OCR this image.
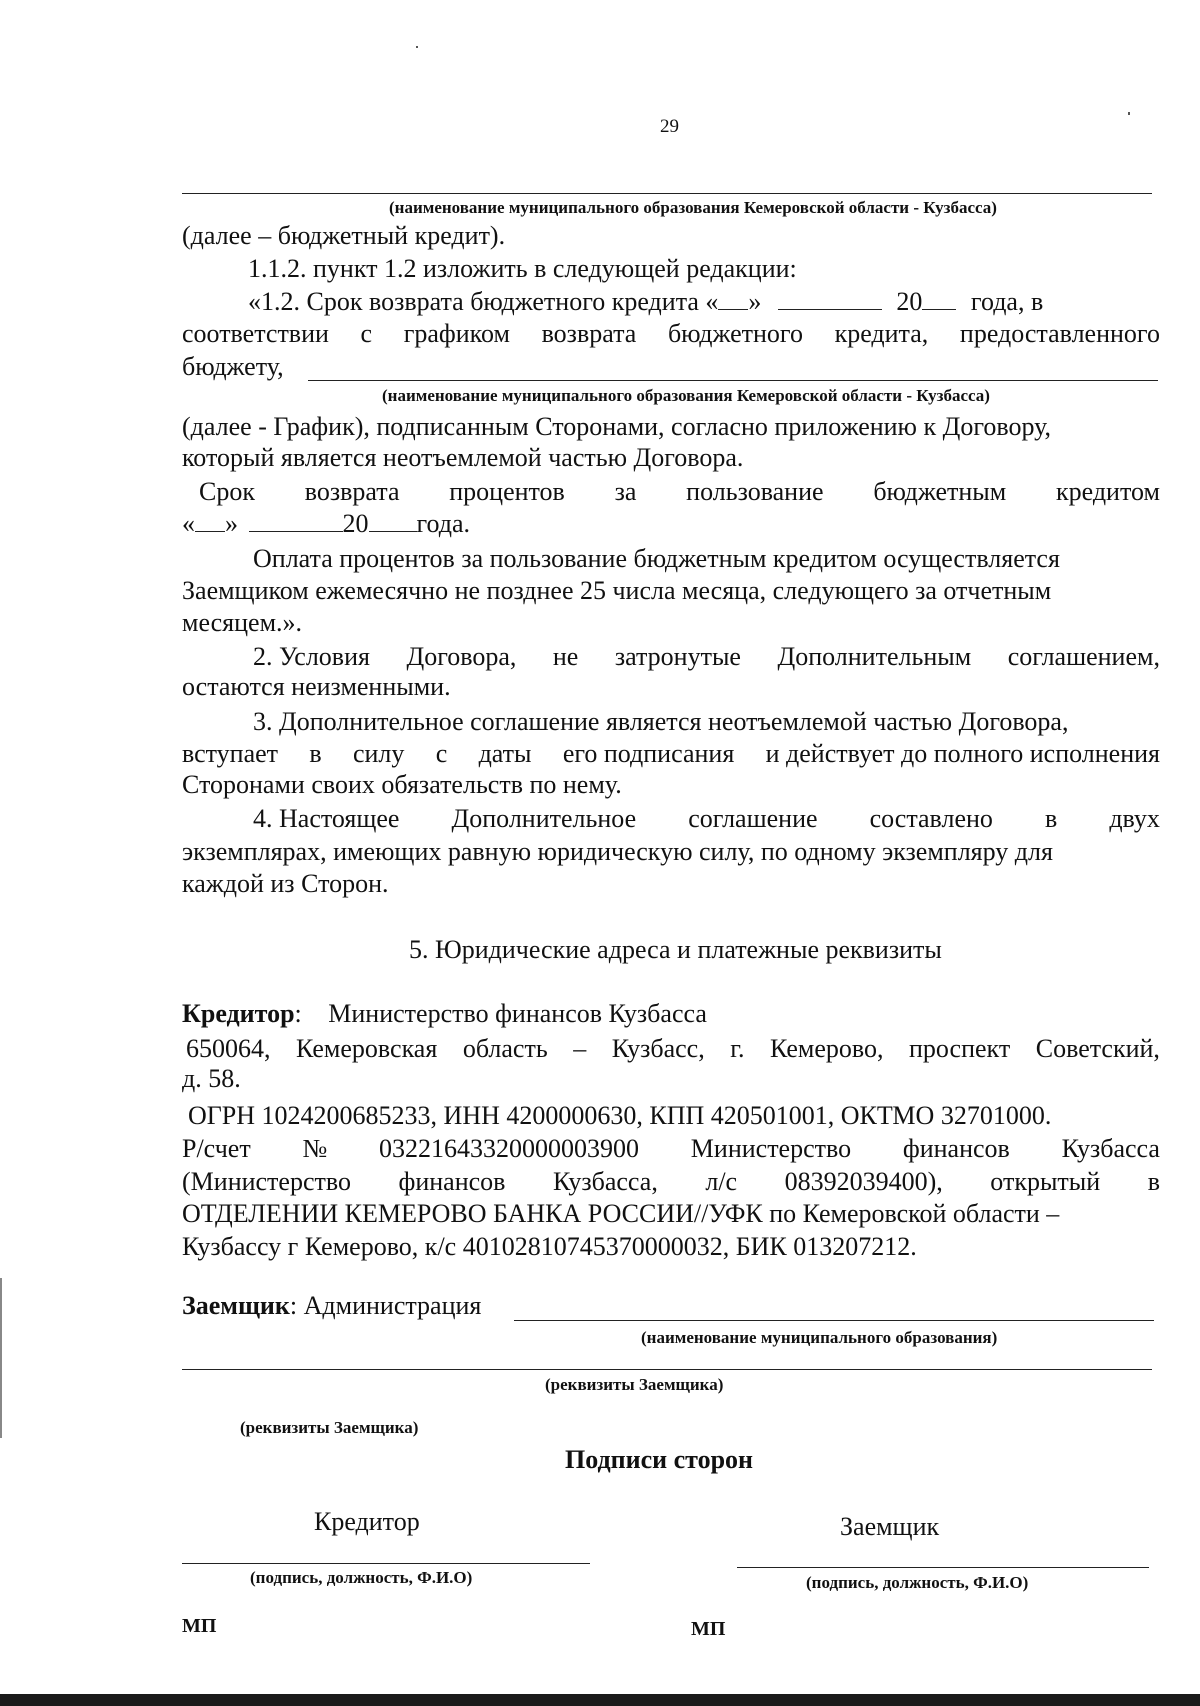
29
(наименование муниципального образования Кемеровской области - Кузбасса)
(далее – бюджетный кредит).
1.1.2. пункт 1.2 изложить в следующей редакции:
«1.2. Срок возврата бюджетного кредита « »	20 года, в
соответствии с графиком возврата бюджетного кредита, предоставленного
бюджету,
(наименование муниципального образования Кемеровской области - Кузбасса)
(далее - График), подписанным Сторонами, согласно приложению к Договору,
который является неотъемлемой частью Договора.
Срок возврата процентов за пользование бюджетным кредитом
« »	20 года.
Оплата процентов за пользование бюджетным кредитом осуществляется
Заемщиком ежемесячно не позднее 25 числа месяца, следующего за отчетным
месяцем.».
2. Условия Договора, не затронутые Дополнительным соглашением,
остаются неизменными.
3. Дополнительное соглашение является неотъемлемой частью Договора,
вступает в силу с даты его подписания и действует до полного исполнения
Сторонами своих обязательств по нему.
4. Настоящее Дополнительное соглашение составлено в двух
экземплярах, имеющих равную юридическую силу, по одному экземпляру для
каждой из Сторон.
5. Юридические адреса и платежные реквизиты
Кредитор: Министерство финансов Кузбасса
650064, Кемеровская область – Кузбасс, г. Кемерово, проспект Советский,
д. 58.
ОГРН 1024200685233, ИНН 4200000630, КПП 420501001, ОКТМО 32701000.
Р/счет № 03221643320000003900 Министерство финансов Кузбасса
(Министерство финансов Кузбасса, л/с 08392039400), открытый в
ОТДЕЛЕНИИ КЕМЕРОВО БАНКА РОССИИ//УФК по Кемеровской области –
Кузбассу г Кемерово, к/с 40102810745370000032, БИК 013207212.
Заемщик: Администрация
(наименование муниципального образования)
(реквизиты Заемщика)
(реквизиты Заемщика)
Подписи сторон
Кредитор	Заемщик
(подпись, должность, Ф.И.О)	(подпись, должность, Ф.И.О)
МП	МП
